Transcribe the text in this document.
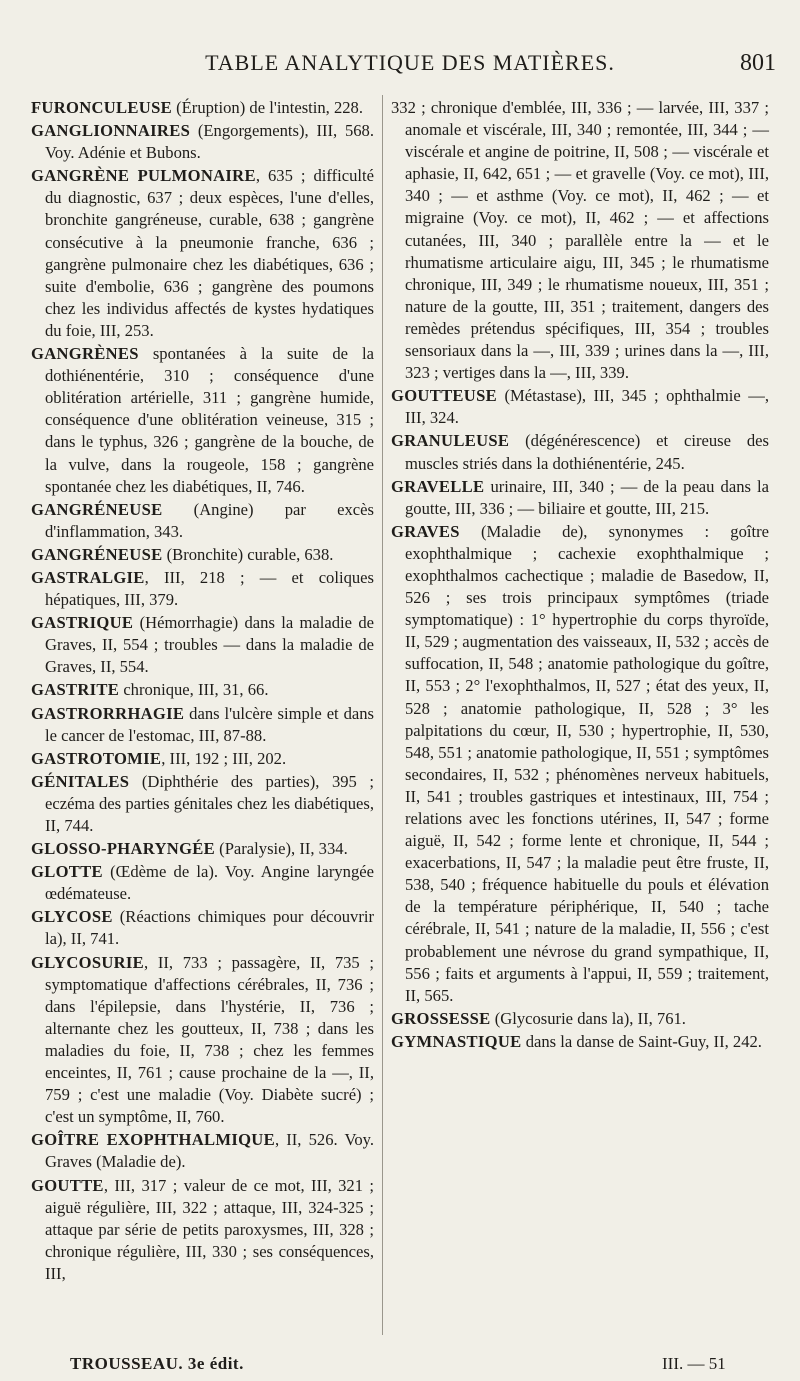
TABLE ANALYTIQUE DES MATIÈRES.	801
FURONCULEUSE (Éruption) de l'intestin, 228.
GANGLIONNAIRES (Engorgements), III, 568. Voy. Adénie et Bubons.
GANGRÈNE PULMONAIRE, 635 ; difficulté du diagnostic, 637 ; deux espèces, l'une d'elles, bronchite gangréneuse, curable, 638 ; gangrène consécutive à la pneumonie franche, 636 ; gangrène pulmonaire chez les diabétiques, 636 ; suite d'embolie, 636 ; gangrène des poumons chez les individus affectés de kystes hydatiques du foie, III, 253.
GANGRÈNES spontanées à la suite de la dothiénentérie, 310 ; conséquence d'une oblitération artérielle, 311 ; gangrène humide, conséquence d'une oblitération veineuse, 315 ; dans le typhus, 326 ; gangrène de la bouche, de la vulve, dans la rougeole, 158 ; gangrène spontanée chez les diabétiques, II, 746.
GANGRÉNEUSE (Angine) par excès d'inflammation, 343.
GANGRÉNEUSE (Bronchite) curable, 638.
GASTRALGIE, III, 218 ; — et coliques hépatiques, III, 379.
GASTRIQUE (Hémorrhagie) dans la maladie de Graves, II, 554 ; troubles — dans la maladie de Graves, II, 554.
GASTRITE chronique, III, 31, 66.
GASTRORRHAGIE dans l'ulcère simple et dans le cancer de l'estomac, III, 87-88.
GASTROTOMIE, III, 192 ; III, 202.
GÉNITALES (Diphthérie des parties), 395 ; eczéma des parties génitales chez les diabétiques, II, 744.
GLOSSO-PHARYNGÉE (Paralysie), II, 334.
GLOTTE (Œdème de la). Voy. Angine laryngée œdémateuse.
GLYCOSE (Réactions chimiques pour découvrir la), II, 741.
GLYCOSURIE, II, 733 ; passagère, II, 735 ; symptomatique d'affections cérébrales, II, 736 ; dans l'épilepsie, dans l'hystérie, II, 736 ; alternante chez les goutteux, II, 738 ; dans les maladies du foie, II, 738 ; chez les femmes enceintes, II, 761 ; cause prochaine de la —, II, 759 ; c'est une maladie (Voy. Diabète sucré) ; c'est un symptôme, II, 760.
GOÎTRE EXOPHTHALMIQUE, II, 526. Voy. Graves (Maladie de).
GOUTTE, III, 317 ; valeur de ce mot, III, 321 ; aiguë régulière, III, 322 ; attaque, III, 324-325 ; attaque par série de petits paroxysmes, III, 328 ; chronique régulière, III, 330 ; ses conséquences, III,
332 ; chronique d'emblée, III, 336 ; — larvée, III, 337 ; anomale et viscérale, III, 340 ; remontée, III, 344 ; — viscérale et angine de poitrine, II, 508 ; — viscérale et aphasie, II, 642, 651 ; — et gravelle (Voy. ce mot), III, 340 ; — et asthme (Voy. ce mot), II, 462 ; — et migraine (Voy. ce mot), II, 462 ; — et affections cutanées, III, 340 ; parallèle entre la — et le rhumatisme articulaire aigu, III, 345 ; le rhumatisme chronique, III, 349 ; le rhumatisme noueux, III, 351 ; nature de la goutte, III, 351 ; traitement, dangers des remèdes prétendus spécifiques, III, 354 ; troubles sensoriaux dans la —, III, 339 ; urines dans la —, III, 323 ; vertiges dans la —, III, 339.
GOUTTEUSE (Métastase), III, 345 ; ophthalmie —, III, 324.
GRANULEUSE (dégénérescence) et cireuse des muscles striés dans la dothiénentérie, 245.
GRAVELLE urinaire, III, 340 ; — de la peau dans la goutte, III, 336 ; — biliaire et goutte, III, 215.
GRAVES (Maladie de), synonymes : goître exophthalmique ; cachexie exophthalmique ; exophthalmos cachectique ; maladie de Basedow, II, 526 ; ses trois principaux symptômes (triade symptomatique) : 1° hypertrophie du corps thyroïde, II, 529 ; augmentation des vaisseaux, II, 532 ; accès de suffocation, II, 548 ; anatomie pathologique du goître, II, 553 ; 2° l'exophthalmos, II, 527 ; état des yeux, II, 528 ; anatomie pathologique, II, 528 ; 3° les palpitations du cœur, II, 530 ; hypertrophie, II, 530, 548, 551 ; anatomie pathologique, II, 551 ; symptômes secondaires, II, 532 ; phénomènes nerveux habituels, II, 541 ; troubles gastriques et intestinaux, III, 754 ; relations avec les fonctions utérines, II, 547 ; forme aiguë, II, 542 ; forme lente et chronique, II, 544 ; exacerbations, II, 547 ; la maladie peut être fruste, II, 538, 540 ; fréquence habituelle du pouls et élévation de la température périphérique, II, 540 ; tache cérébrale, II, 541 ; nature de la maladie, II, 556 ; c'est probablement une névrose du grand sympathique, II, 556 ; faits et arguments à l'appui, II, 559 ; traitement, II, 565.
GROSSESSE (Glycosurie dans la), II, 761.
GYMNASTIQUE dans la danse de Saint-Guy, II, 242.
TROUSSEAU. 3e édit.	III. — 51
